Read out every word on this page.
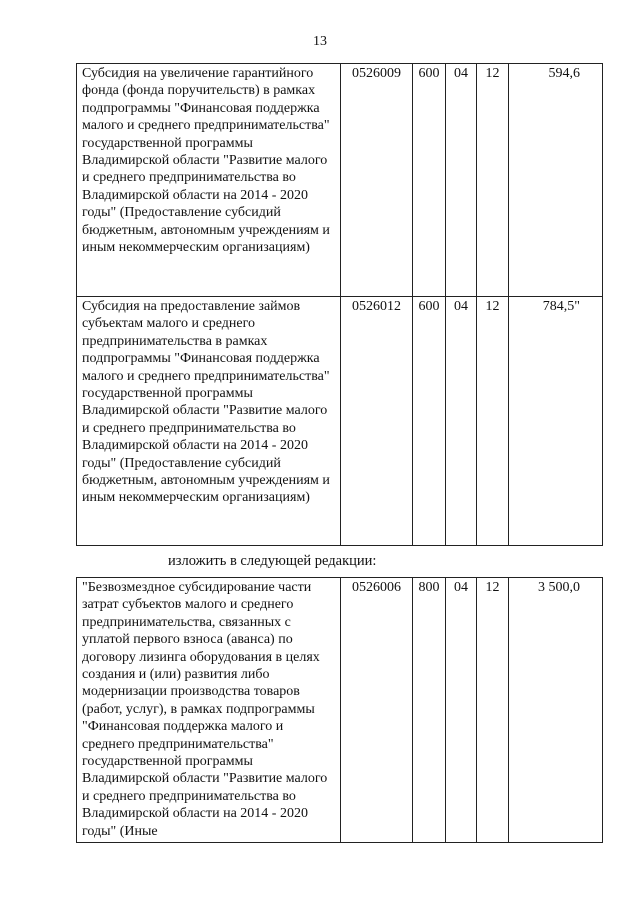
13
Субсидия на увеличение гарантийного фонда (фонда поручительств) в рамках подпрограммы "Финансовая поддержка малого и среднего предпринимательства" государственной программы Владимирской области "Развитие малого и среднего предпринимательства во Владимирской области на 2014 - 2020 годы" (Предоставление субсидий бюджетным, автономным учреждениям и иным некоммерческим организациям)	0526009	600	04	12	594,6
Субсидия на предоставление займов субъектам малого и среднего предпринимательства в рамках подпрограммы "Финансовая поддержка малого и среднего предпринимательства" государственной программы Владимирской области "Развитие малого и среднего предпринимательства во Владимирской области на 2014 - 2020 годы" (Предоставление субсидий бюджетным, автономным учреждениям и иным некоммерческим организациям)	0526012	600	04	12	784,5"
изложить в следующей редакции:
"Безвозмездное субсидирование части затрат субъектов малого и среднего предпринимательства, связанных с уплатой первого взноса (аванса) по договору лизинга оборудования в целях создания и (или) развития либо модернизации производства товаров (работ, услуг), в рамках подпрограммы "Финансовая поддержка малого и среднего предпринимательства" государственной программы Владимирской области "Развитие малого и среднего предпринимательства во Владимирской области на 2014 - 2020 годы" (Иные	0526006	800	04	12	3 500,0
